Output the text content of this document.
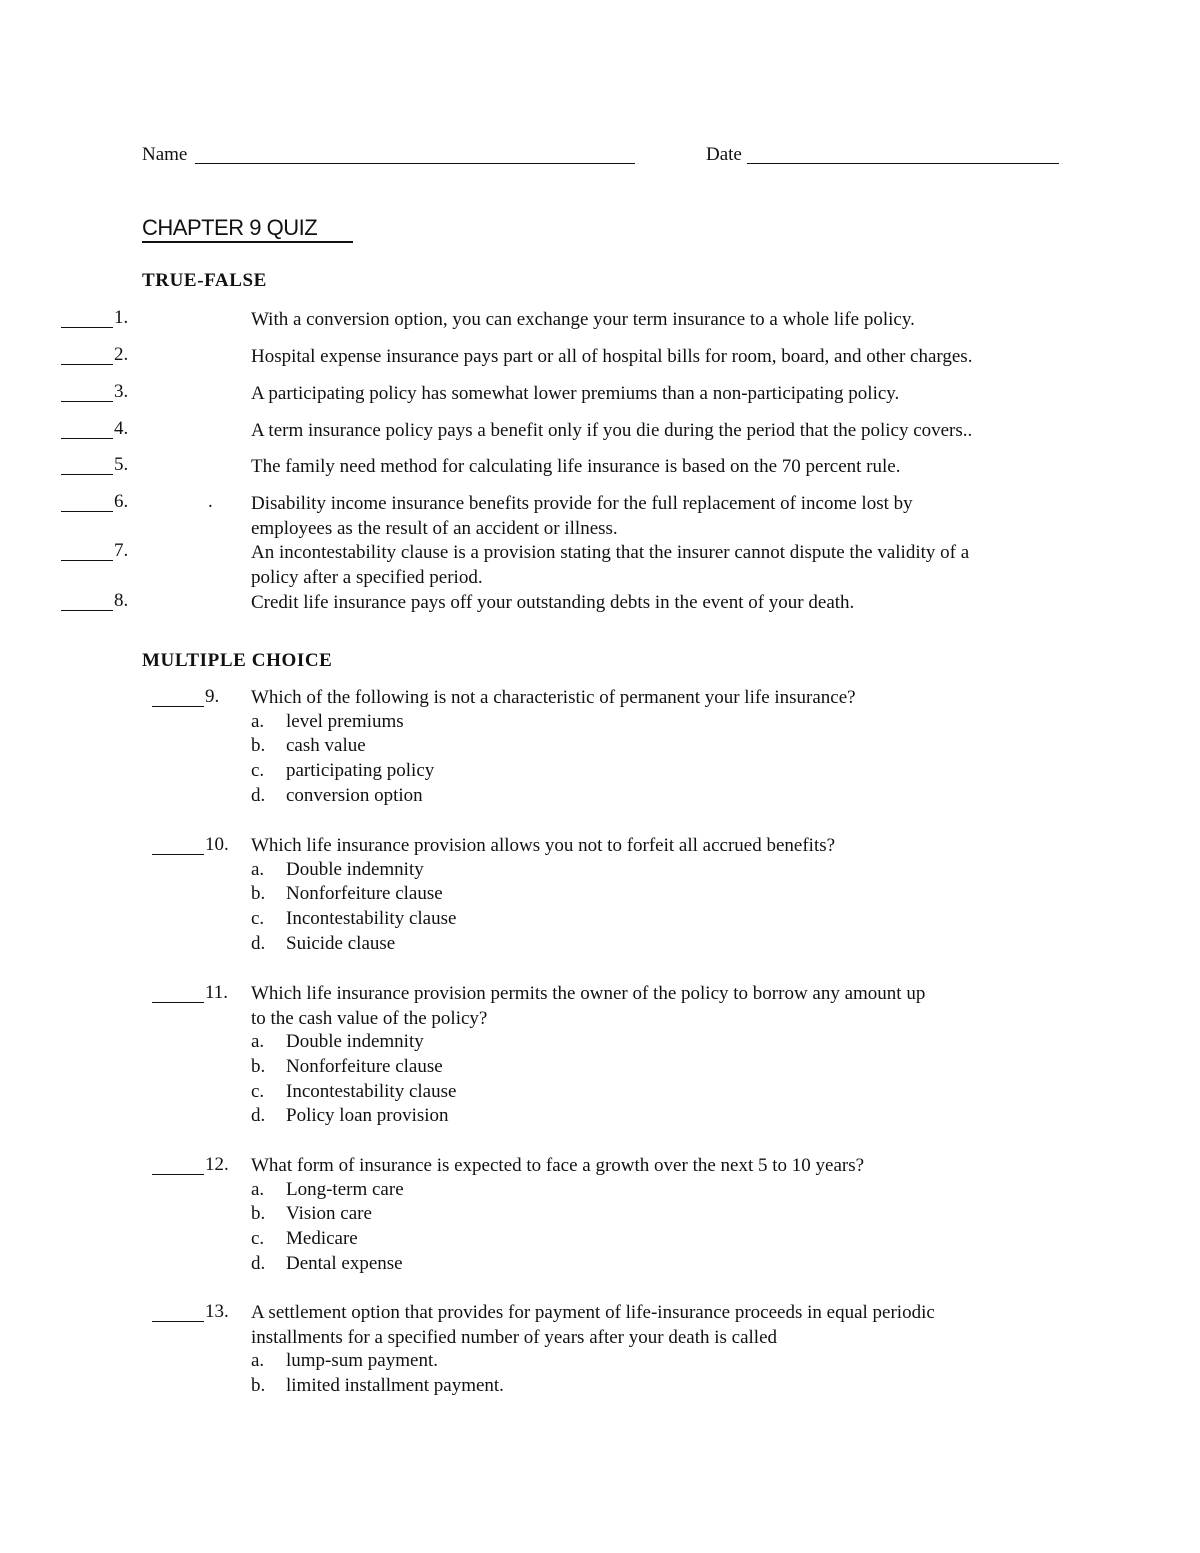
Name	Date
CHAPTER 9 QUIZ
TRUE-FALSE
1.	With a conversion option, you can exchange your term insurance to a whole life policy.
2.	Hospital expense insurance pays part or all of hospital bills for room, board, and other charges.
3.	A participating policy has somewhat lower premiums than a non-participating policy.
4.	A term insurance policy pays a benefit only if you die during the period that the policy covers..
5.	The family need method for calculating life insurance is based on the 70 percent rule.
6.	. Disability income insurance benefits provide for the full replacement of income lost by
employees as the result of an accident or illness.
7.	An incontestability clause is a provision stating that the insurer cannot dispute the validity of a
policy after a specified period.
8.	Credit life insurance pays off your outstanding debts in the event of your death.
MULTIPLE CHOICE
9. Which of the following is not a characteristic of permanent your life insurance?
a. level premiums
b. cash value
c. participating policy
d. conversion option
10. Which life insurance provision allows you not to forfeit all accrued benefits?
a. Double indemnity
b. Nonforfeiture clause
c. Incontestability clause
d. Suicide clause
11. Which life insurance provision permits the owner of the policy to borrow any amount up
to the cash value of the policy?
a. Double indemnity
b. Nonforfeiture clause
c. Incontestability clause
d. Policy loan provision
12. What form of insurance is expected to face a growth over the next 5 to 10 years?
a. Long-term care
b. Vision care
c. Medicare
d. Dental expense
13. A settlement option that provides for payment of life-insurance proceeds in equal periodic
installments for a specified number of years after your death is called
a. lump-sum payment.
b. limited installment payment.
